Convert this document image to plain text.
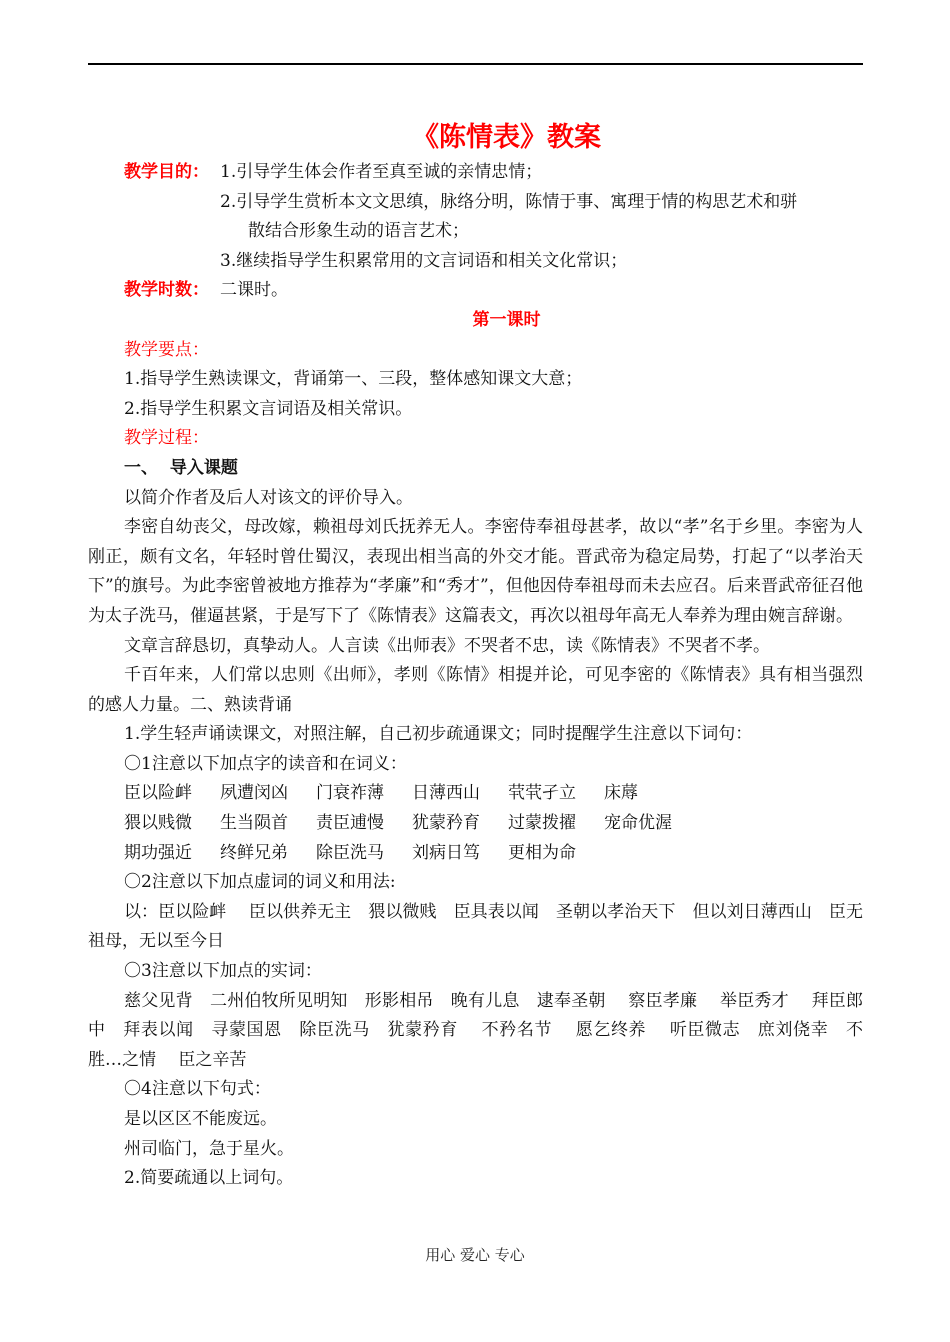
《陈情表》教案
教学目的： 1.引导学生体会作者至真至诚的亲情忠情；
2.引导学生赏析本文文思缜，脉络分明，陈情于事、寓理于情的构思艺术和骈
散结合形象生动的语言艺术；
3.继续指导学生积累常用的文言词语和相关文化常识；
教学时数： 二课时。

第一课时

教学要点：

1.指导学生熟读课文，背诵第一、三段，整体感知课文大意；

2.指导学生积累文言词语及相关常识。

教学过程：

一、  导入课题

以简介作者及后人对该文的评价导入。

李密自幼丧父，母改嫁，赖祖母刘氏抚养无人。李密侍奉祖母甚孝，故以“孝”名于乡里。李密为人刚正，颇有文名，年轻时曾仕蜀汉，表现出相当高的外交才能。晋武帝为稳定局势，打起了“以孝治天下”的旗号。为此李密曾被地方推荐为“孝廉”和“秀才”，但他因侍奉祖母而未去应召。后来晋武帝征召他为太子洗马，催逼甚紧，于是写下了《陈情表》这篇表文，再次以祖母年高无人奉养为理由婉言辞谢。

文章言辞恳切，真挚动人。人言读《出师表》不哭者不忠，读《陈情表》不哭者不孝。

千百年来，人们常以忠则《出师》，孝则《陈情》相提并论，可见李密的《陈情表》具有相当强烈的感人力量。二、熟读背诵

1.学生轻声诵读课文，对照注解，自己初步疏通课文；同时提醒学生注意以下词句：

〇1注意以下加点字的读音和在词义：

臣以险衅 夙遭闵凶 门衰祚薄 日薄西山 茕茕孑立 床蓐

猥以贱微 生当陨首 责臣逋慢 犹蒙矜育 过蒙拨擢 宠命优渥

期功强近 终鲜兄弟 除臣洗马 刘病日笃 更相为命

〇2注意以下加点虚词的词义和用法:

以：臣以险衅　 臣以供养无主　猥以微贱　臣具表以闻　圣朝以孝治天下　但以刘日薄西山　臣无祖母，无以至今日

〇3注意以下加点的实词：

慈父见背　二州伯牧所见明知　形影相吊　晚有儿息　逮奉圣朝　 察臣孝廉　 举臣秀才　 拜臣郎中　拜表以闻　寻蒙国恩　除臣洗马　犹蒙矜育　 不矜名节　 愿乞终养　 听臣微志　庶刘侥幸　不胜…之情　 臣之辛苦

〇4注意以下句式：

是以区区不能废远。

州司临门，急于星火。

2.简要疏通以上词句。

用心 爱心 专心
